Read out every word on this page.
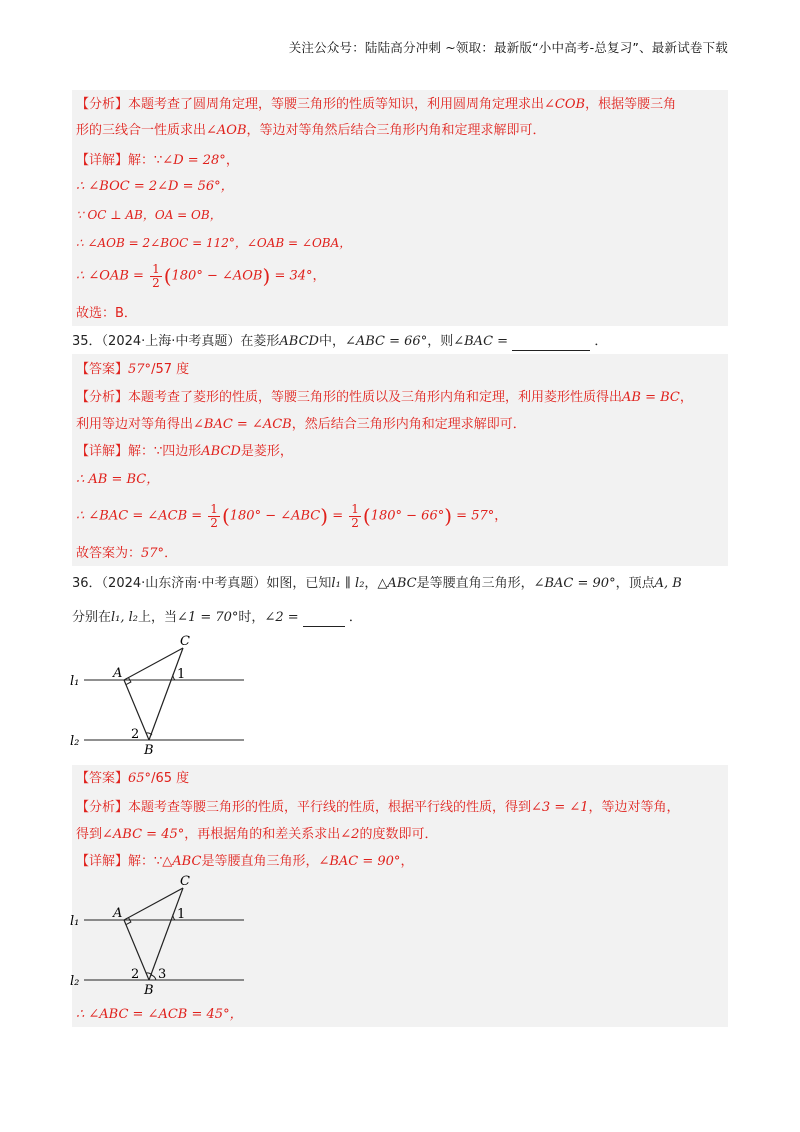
关注公众号：陆陆高分冲刺 ~领取：最新版“小中高考-总复习”、最新试卷下载
【分析】本题考查了圆周角定理，等腰三角形的性质等知识，利用圆周角定理求出∠COB，根据等腰三角
形的三线合一性质求出∠AOB，等边对等角然后结合三角形内角和定理求解即可．
【详解】解：∵∠D = 28°，
∴ ∠BOC = 2∠D = 56°，
∵ OC ⊥ AB，OA = OB，
∴ ∠AOB = 2∠BOC = 112°，∠OAB = ∠OBA，
∴ ∠OAB = $\frac{1}{2} (180^\circ$ − ∠AOB) = 34°，
故选：B．
35．（2024·上海·中考真题）在菱形ABCD中，∠ABC = 66°，则∠BAC =	．
【答案】57°/57 度
【分析】本题考查了菱形的性质，等腰三角形的性质以及三角形内角和定理，利用菱形性质得出AB = BC，
利用等边对等角得出∠BAC = ∠ACB，然后结合三角形内角和定理求解即可．
【详解】解：∵四边形ABCD是菱形，
∴ AB = BC，
∴ ∠BAC = ∠ACB = $\frac{1}{2} (180^\circ$ − ∠ABC) = $\frac{1}{2} (180^\circ - 66^\circ) = 57^\circ$，
故答案为：57°．
36．（2024·山东济南·中考真题）如图，已知l₁ ∥ l₂，△ABC是等腰直角三角形，∠BAC = 90°，顶点A, B
分别在l₁, l₂上，当∠1 = 70°时，∠2 =	．
l₁
l₂
A
B
C
1
2
【答案】65°/65 度
【分析】本题考查等腰三角形的性质，平行线的性质，根据平行线的性质，得到∠3 = ∠1，等边对等角，
得到∠ABC = 45°，再根据角的和差关系求出∠2的度数即可．
【详解】解：∵△ABC是等腰直角三角形，∠BAC = 90°，
l₁
l₂
A
B
C
1
2 3
∴ ∠ABC = ∠ACB = 45°，
